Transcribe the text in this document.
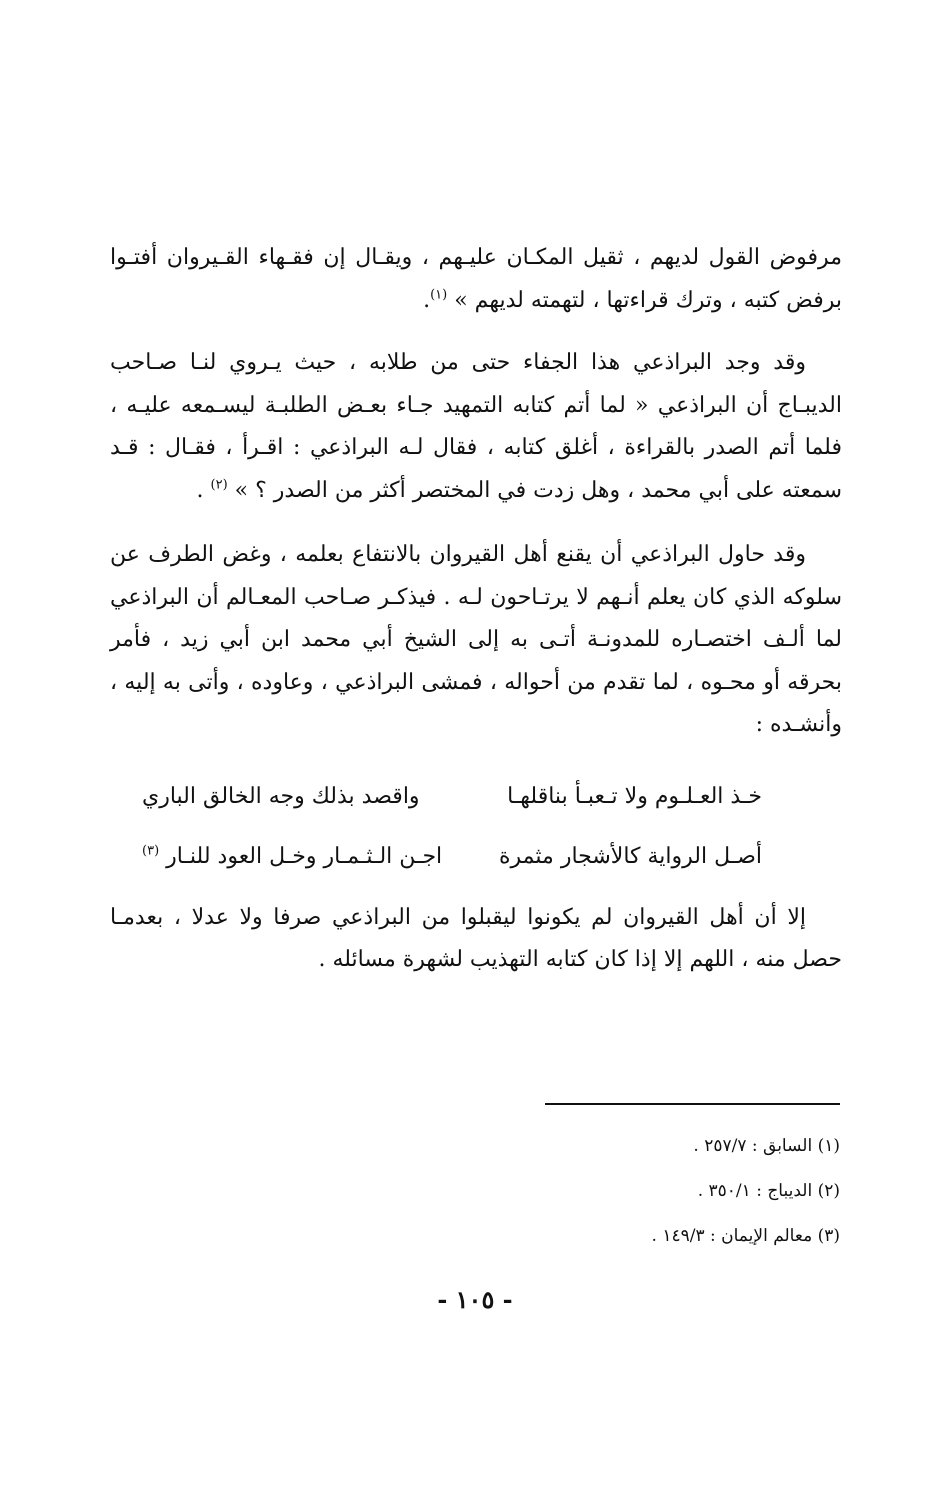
مرفوض القول لديهم ، ثقيل المكـان عليـهم ، ويقـال إن فقـهاء القـيروان أفتـوا برفض كتبه ، وترك قراءتها ، لتهمته لديهم » $^{(١)}$.

وقد وجد البراذعي هذا الجفاء حتى من طلابه ، حيث يـروي لنـا صـاحب الديبـاج أن البراذعي « لما أتم كتابه التمهيد جـاء بعـض الطلبـة ليسـمعه عليـه ، فلما أتم الصدر بالقراءة ، أغلق كتابه ، فقال لـه البراذعي : اقـرأ ، فقـال : قـد سمعته على أبي محمد ، وهل زدت في المختصر أكثر من الصدر ؟ » $^{(٢)}$ .

وقد حاول البراذعي أن يقنع أهل القيروان بالانتفاع بعلمه ، وغض الطرف عن سلوكه الذي كان يعلم أنـهم لا يرتـاحون لـه . فيذكـر صـاحب المعـالم أن البراذعي لما ألـف اختصـاره للمدونـة أتـى به إلى الشيخ أبي محمد ابن أبي زيد ، فأمر بحرقه أو محـوه ، لما تقدم من أحواله ، فمشى البراذعي ، وعاوده ، وأتى به إليه ، وأنشـده :

خـذ العـلـوم ولا تـعبـأ بناقلهـا
واقصد بذلك وجه الخالق الباري
أصـل الرواية كالأشجار مثمرة
اجـن الـثـمـار وخـل العود للنـار $^{(٣)}$

إلا أن أهل القيروان لم يكونوا ليقبلوا من البراذعي صرفا ولا عدلا ، بعدمـا حصل منه ، اللهم إلا إذا كان كتابه التهذيب لشهرة مسائله .

(١) السابق : ٢٥٧/٧ .

(٢) الديباج : ٣٥٠/١ .

(٣) معالم الإيمان : ١٤٩/٣ .

- ١٠٥ -
